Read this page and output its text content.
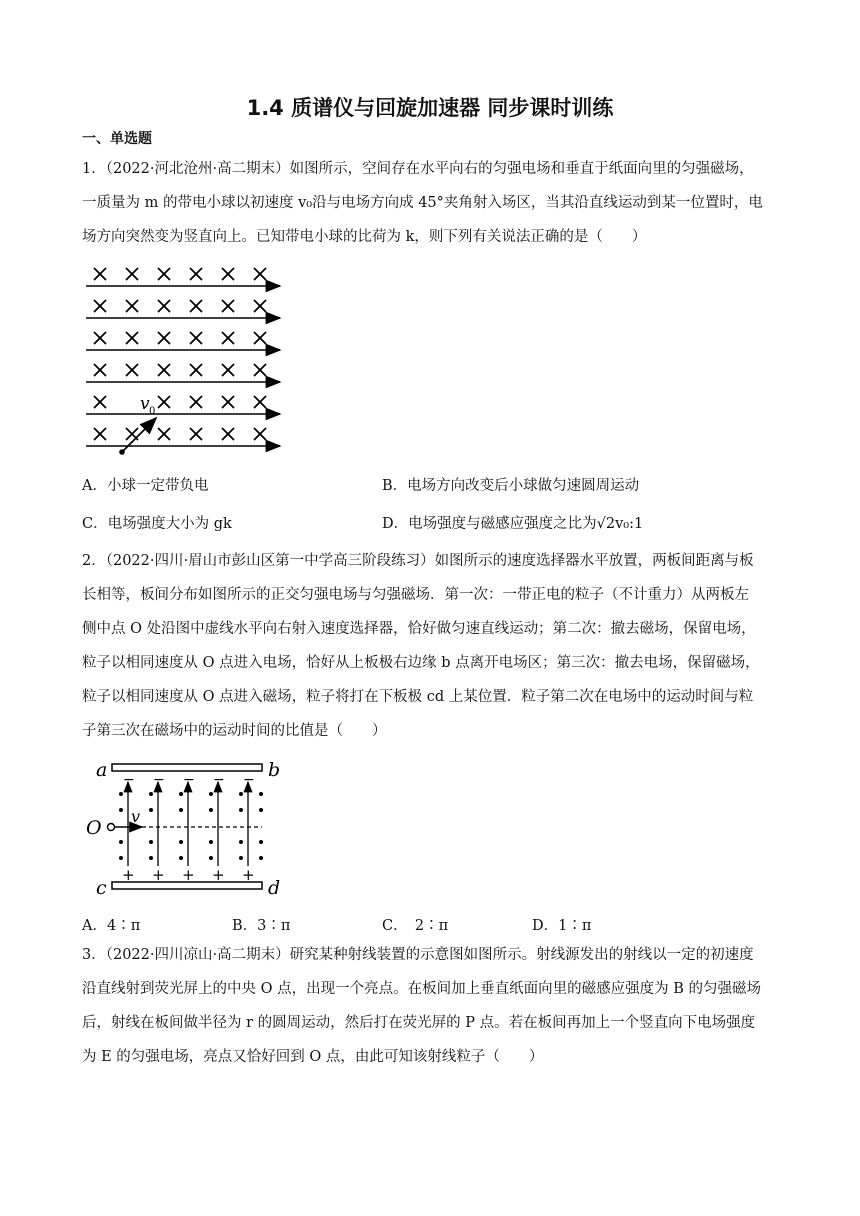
1.4 质谱仪与回旋加速器 同步课时训练
一、单选题

1．（2022·河北沧州·高二期末）如图所示，空间存在水平向右的匀强电场和垂直于纸面向里的匀强磁场，

一质量为 m 的带电小球以初速度 v₀沿与电场方向成 45°夹角射入场区，当其沿直线运动到某一位置时，电

场方向突然变为竖直向上。已知带电小球的比荷为 k，则下列有关说法正确的是（　　）

v 0
A．小球一定带负电	B．电场方向改变后小球做匀速圆周运动
C．电场强度大小为 gk	D．电场强度与磁感应强度之比为√2v₀:1

2．（2022·四川·眉山市彭山区第一中学高三阶段练习）如图所示的速度选择器水平放置，两板间距离与板

长相等，板间分布如图所示的正交匀强电场与匀强磁场．第一次：一带正电的粒子（不计重力）从两板左

侧中点 O 处沿图中虚线水平向右射入速度选择器，恰好做匀速直线运动；第二次：撤去磁场，保留电场，

粒子以相同速度从 O 点进入电场，恰好从上板极右边缘 b 点离开电场区；第三次：撤去电场，保留磁场，

粒子以相同速度从 O 点进入磁场，粒子将打在下板极 cd 上某位置．粒子第二次在电场中的运动时间与粒

子第三次在磁场中的运动时间的比值是（　　）

a	b
c	d
−
+
−
+
−
+
−
+
−
+
O
v
A．4∶π	B．3∶π	C．　2∶π	D．1∶π

3．（2022·四川凉山·高二期末）研究某种射线装置的示意图如图所示。射线源发出的射线以一定的初速度

沿直线射到荧光屏上的中央 O 点，出现一个亮点。在板间加上垂直纸面向里的磁感应强度为 B 的匀强磁场

后，射线在板间做半径为 r 的圆周运动，然后打在荧光屏的 P 点。若在板间再加上一个竖直向下电场强度

为 E 的匀强电场，亮点又恰好回到 O 点，由此可知该射线粒子（　　）
